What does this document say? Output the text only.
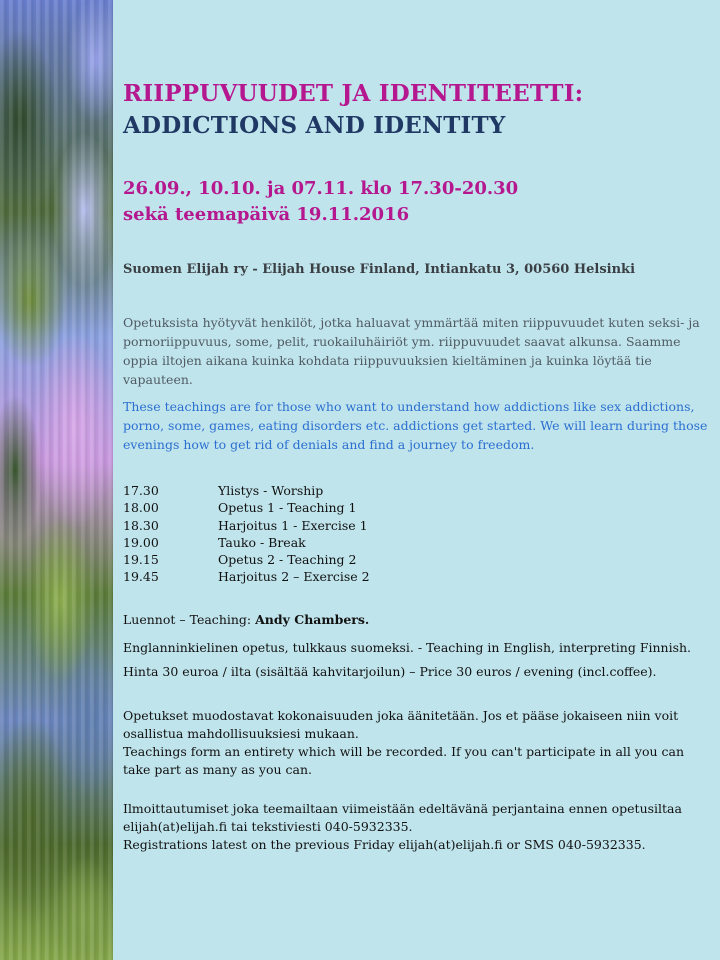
RIIPPUVUUDET JA IDENTITEETTI:
ADDICTIONS AND IDENTITY
26.09., 10.10. ja 07.11. klo 17.30-20.30
sekä teemapäivä 19.11.2016
Suomen Elijah ry - Elijah House Finland, Intiankatu 3, 00560 Helsinki
Opetuksista hyötyvät henkilöt, jotka haluavat ymmärtää miten riippuvuudet kuten seksi- ja pornoriippuvuus, some, pelit, ruokailuhäiriöt ym. riippuvuudet saavat alkunsa. Saamme oppia iltojen aikana kuinka kohdata riippuvuuksien kieltäminen ja kuinka löytää tie vapauteen.
These teachings are for those who want to understand how addictions like sex addictions, porno, some, games, eating disorders etc. addictions get started. We will learn during those evenings how to get rid of denials and find a journey to freedom.
17.30	Ylistys - Worship
18.00	Opetus 1 - Teaching 1
18.30	Harjoitus 1 - Exercise 1
19.00	Tauko - Break
19.15	Opetus 2 - Teaching 2
19.45	Harjoitus 2 – Exercise 2
Luennot – Teaching: Andy Chambers.
Englanninkielinen opetus, tulkkaus suomeksi. - Teaching in English, interpreting Finnish.
Hinta 30 euroa / ilta (sisältää kahvitarjoilun) – Price 30 euros / evening (incl.coffee).
Opetukset muodostavat kokonaisuuden joka äänitetään. Jos et pääse jokaiseen niin voit osallistua mahdollisuuksiesi mukaan.
Teachings form an entirety which will be recorded. If you can't participate in all you can take part as many as you can.
Ilmoittautumiset joka teemailtaan viimeistään edeltävänä perjantaina ennen opetusiltaa elijah(at)elijah.fi tai tekstiviesti 040-5932335.
Registrations latest on the previous Friday elijah(at)elijah.fi or SMS 040-5932335.
